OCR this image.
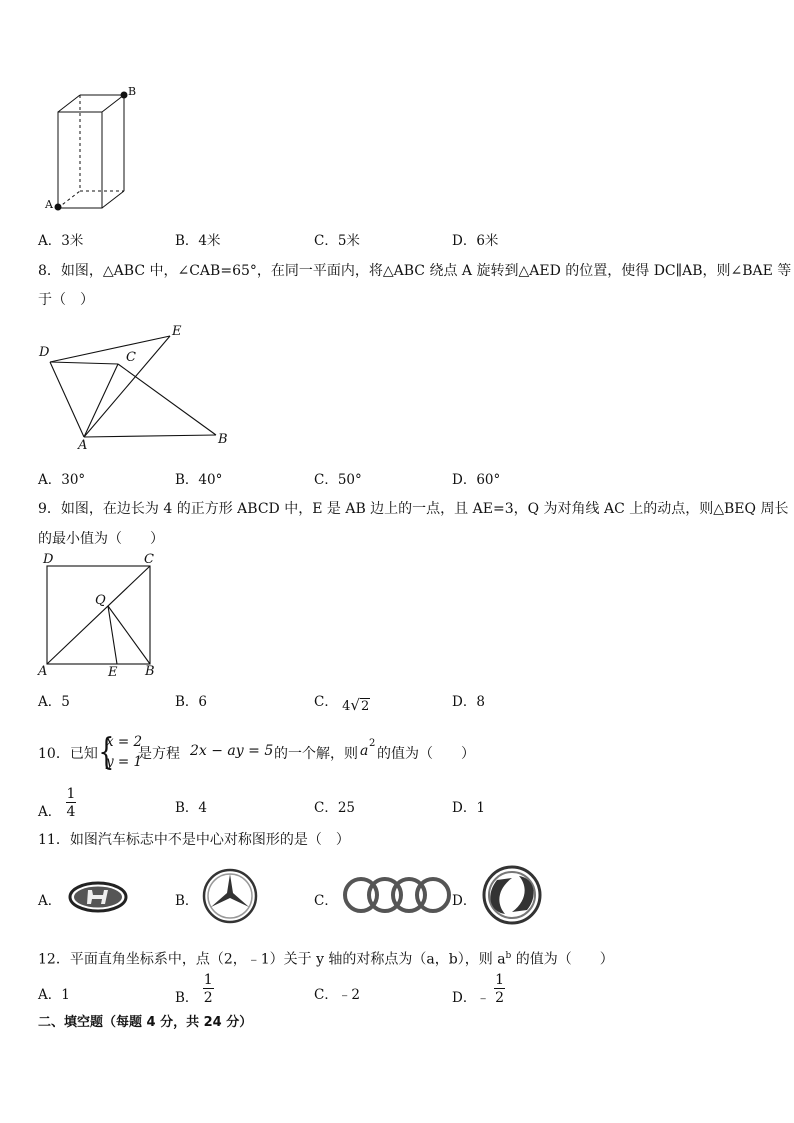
B
A
A．3米	B．4米	C．5米	D．6米
8．如图，△ABC 中，∠CAB=65°，在同一平面内，将△ABC 绕点 A 旋转到△AED 的位置，使得 DC∥AB，则∠BAE 等
于（　）
D	C
E
A	B
A．30°	B．40°	C．50°	D．60°
9．如图，在边长为 4 的正方形 ABCD 中，E 是 AB 边上的一点，且 AE=3，Q 为对角线 AC 上的动点，则△BEQ 周长
的最小值为（　　）
D	C
Q
A	E B
A．5	B．6	C． 4√2	D．8
10．已知 {
x = 2
y = 1
是方程 2x − ay = 5 的一个解，则 a 2
的值为（　　）
A． $\frac{1}{4}$	B．4	C．25	D．1
11．如图汽车标志中不是中心对称图形的是（　）
A．	B．	C．	D．
12．平面直角坐标系中，点（2，﹣1）关于 y 轴的对称点为（a，b），则 $a^b$ 的值为（　　）
A．1	B． $\frac{1}{2}$	C．﹣2	D．﹣ $\frac{1}{2}$
二、填空题（每题 4 分，共 24 分）
